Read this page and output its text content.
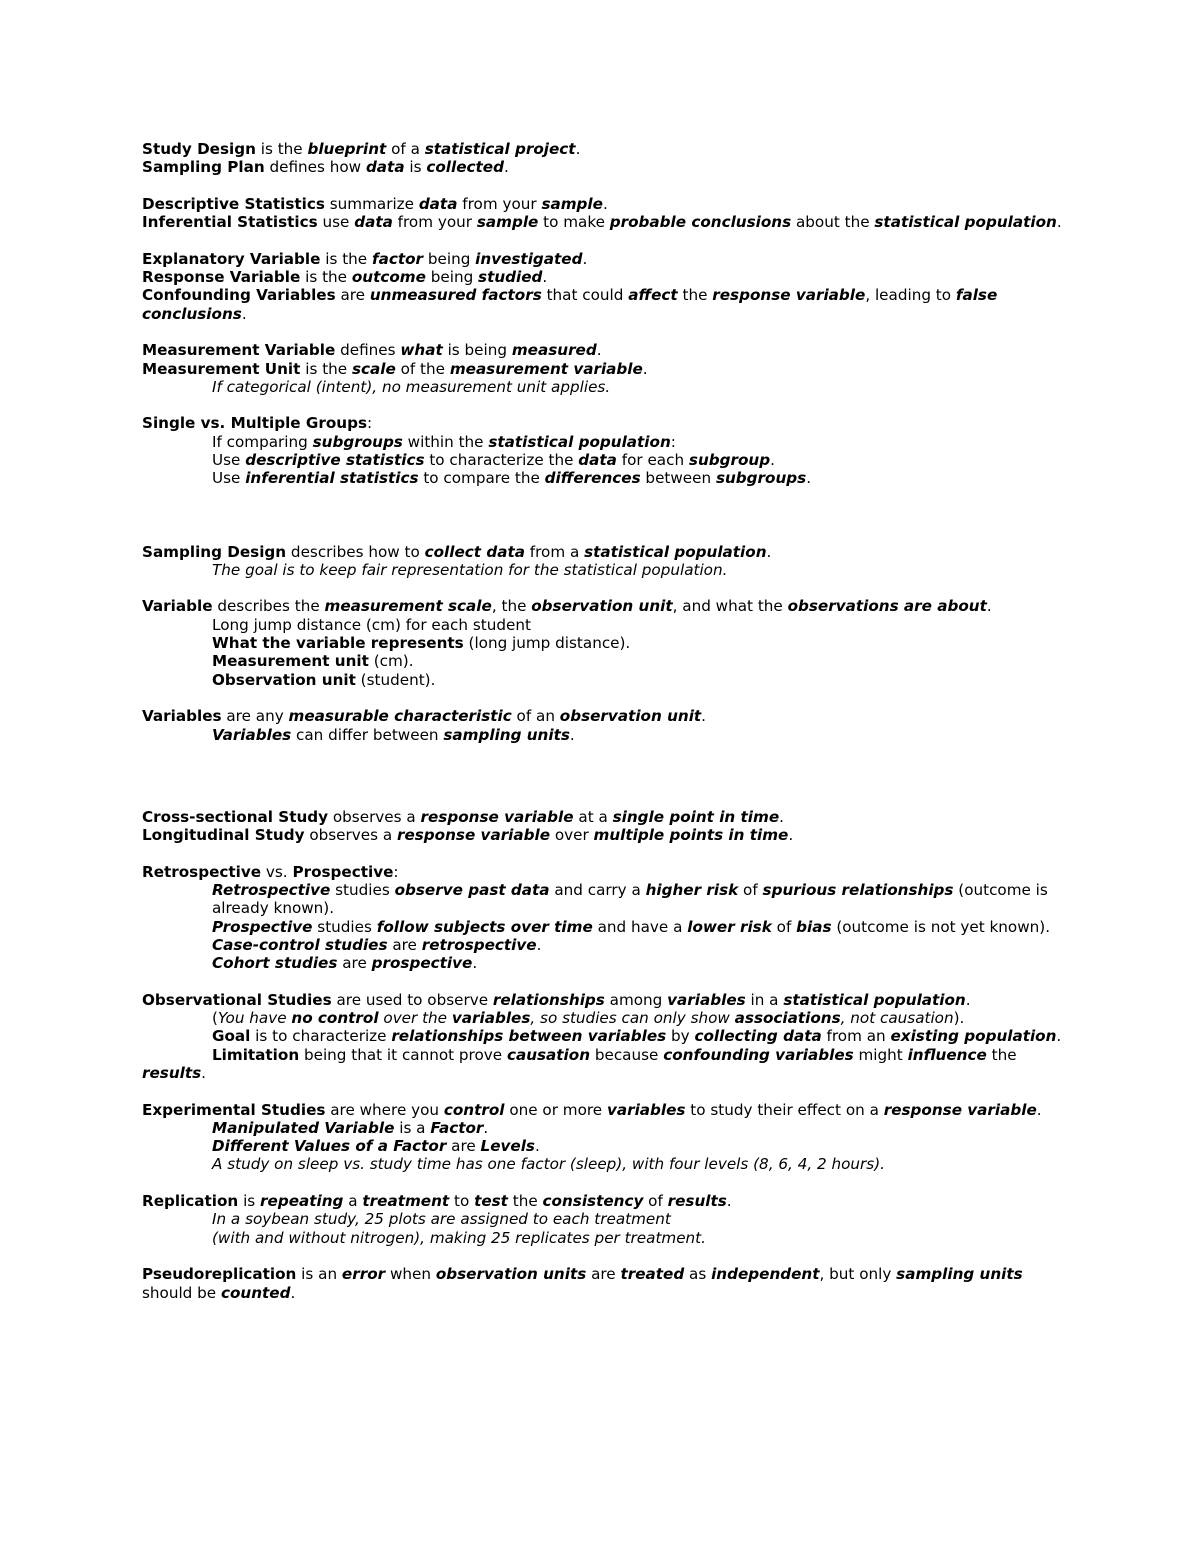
Study Design is the blueprint of a statistical project.
Sampling Plan defines how data is collected.
Descriptive Statistics summarize data from your sample.
Inferential Statistics use data from your sample to make probable conclusions about the statistical population.
Explanatory Variable is the factor being investigated.
Response Variable is the outcome being studied.
Confounding Variables are unmeasured factors that could affect the response variable, leading to false conclusions.
Measurement Variable defines what is being measured.
Measurement Unit is the scale of the measurement variable.
If categorical (intent), no measurement unit applies.
Single vs. Multiple Groups:
If comparing subgroups within the statistical population:
Use descriptive statistics to characterize the data for each subgroup.
Use inferential statistics to compare the differences between subgroups.
Sampling Design describes how to collect data from a statistical population.
The goal is to keep fair representation for the statistical population.
Variable describes the measurement scale, the observation unit, and what the observations are about.
Long jump distance (cm) for each student
What the variable represents (long jump distance).
Measurement unit (cm).
Observation unit (student).
Variables are any measurable characteristic of an observation unit.
Variables can differ between sampling units.
Cross-sectional Study observes a response variable at a single point in time.
Longitudinal Study observes a response variable over multiple points in time.
Retrospective vs. Prospective:
Retrospective studies observe past data and carry a higher risk of spurious relationships (outcome is already known).
Prospective studies follow subjects over time and have a lower risk of bias (outcome is not yet known).
Case-control studies are retrospective.
Cohort studies are prospective.
Observational Studies are used to observe relationships among variables in a statistical population.
(You have no control over the variables, so studies can only show associations, not causation).
Goal is to characterize relationships between variables by collecting data from an existing population.
Limitation being that it cannot prove causation because confounding variables might influence the results.
Experimental Studies are where you control one or more variables to study their effect on a response variable.
Manipulated Variable is a Factor.
Different Values of a Factor are Levels.
A study on sleep vs. study time has one factor (sleep), with four levels (8, 6, 4, 2 hours).
Replication is repeating a treatment to test the consistency of results.
In a soybean study, 25 plots are assigned to each treatment
(with and without nitrogen), making 25 replicates per treatment.
Pseudoreplication is an error when observation units are treated as independent, but only sampling units should be counted.
